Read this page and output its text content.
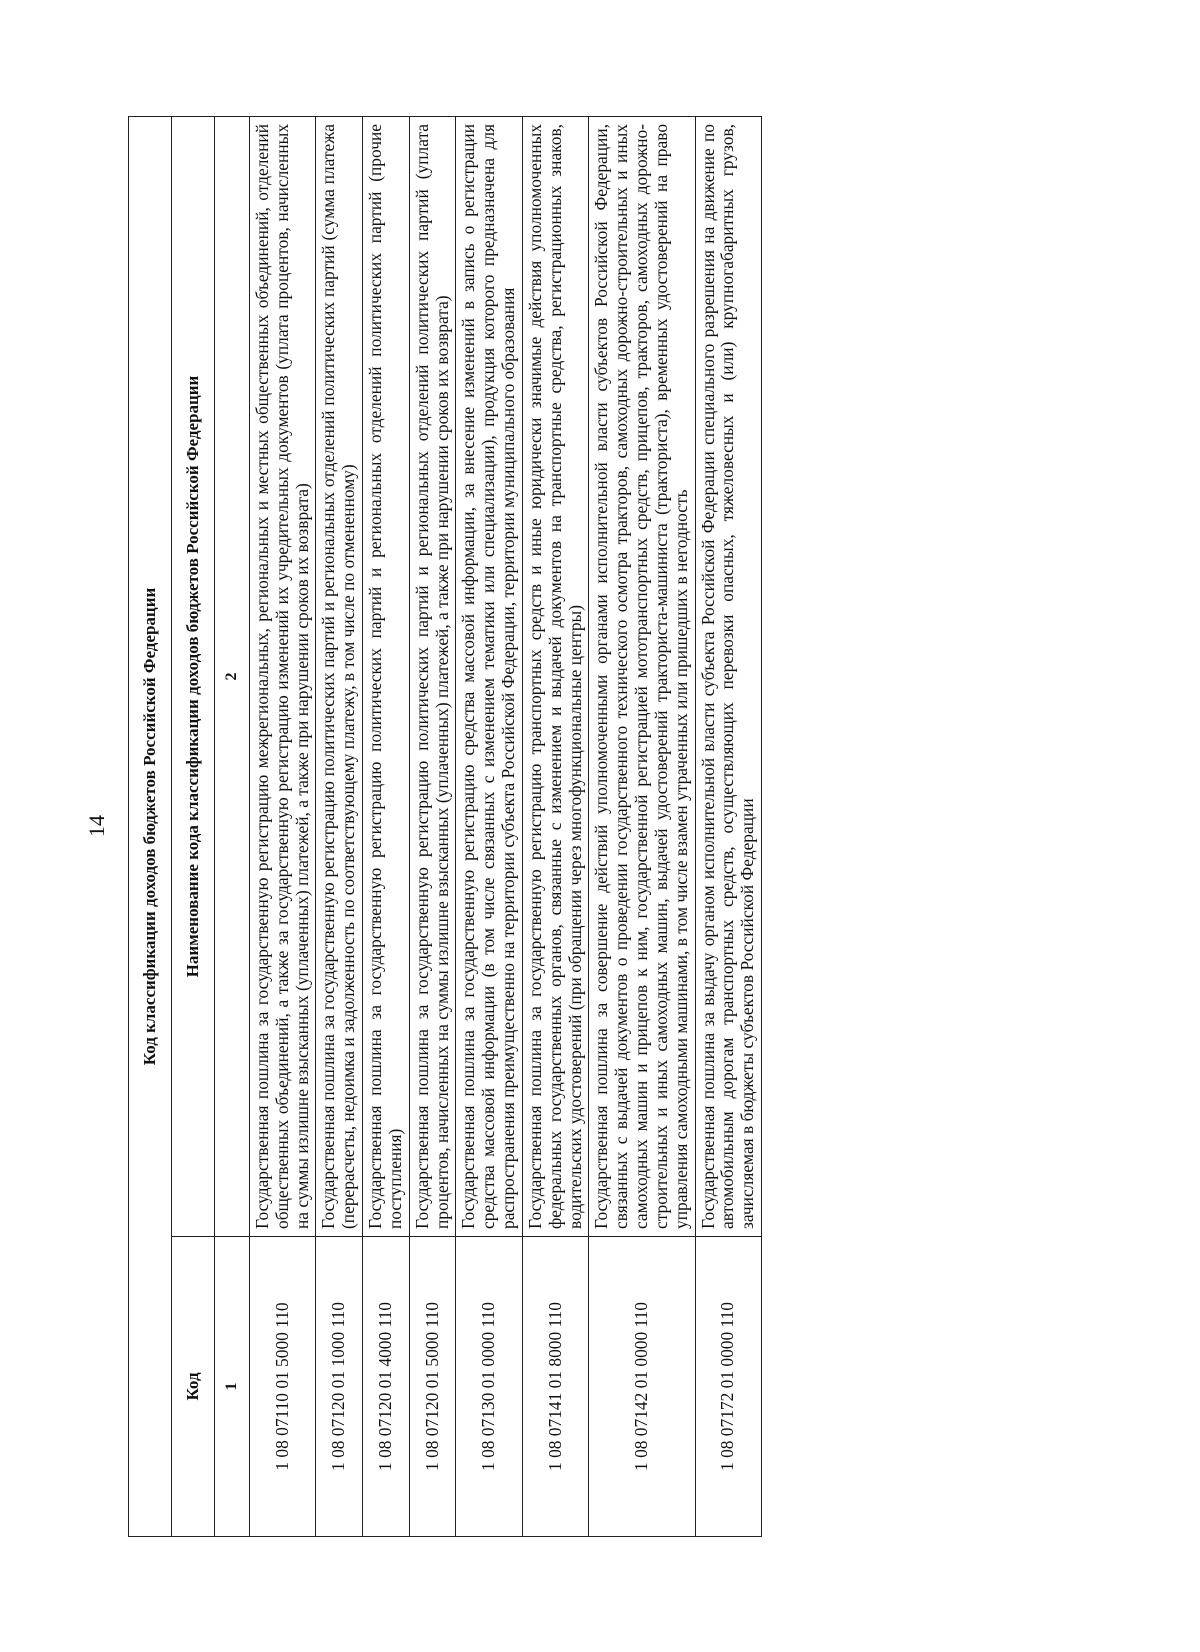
14 Код классификации доходов бюджетов Российской Федерации	
Код	Наименование кода классификации доходов бюджетов Российской Федерации
1	2
1 08 07110 01 5000 110	Государственная пошлина за государственную регистрацию межрегиональных, региональных и местных общественных объединений, отделений общественных объединений, а также за государственную регистрацию изменений их учредительных документов (уплата процентов, начисленных на суммы излишне взысканных (уплаченных) платежей, а также при нарушении сроков их возврата)
1 08 07120 01 1000 110	Государственная пошлина за государственную регистрацию политических партий и региональных отделений политических партий (сумма платежа (перерасчеты, недоимка и задолженность по соответствующему платежу, в том числе по отмененному)
1 08 07120 01 4000 110	Государственная пошлина за государственную регистрацию политических партий и региональных отделений политических партий (прочие поступления)
1 08 07120 01 5000 110	Государственная пошлина за государственную регистрацию политических партий и региональных отделений политических партий (уплата процентов, начисленных на суммы излишне взысканных (уплаченных) платежей, а также при нарушении сроков их возврата)
1 08 07130 01 0000 110	Государственная пошлина за государственную регистрацию средства массовой информации, за внесение изменений в запись о регистрации средства массовой информации (в том числе связанных с изменением тематики или специализации), продукция которого предназначена для распространения преимущественно на территории субъекта Российской Федерации, территории муниципального образования
1 08 07141 01 8000 110	Государственная пошлина за государственную регистрацию транспортных средств и иные юридически значимые действия уполномоченных федеральных государственных органов, связанные с изменением и выдачей документов на транспортные средства, регистрационных знаков, водительских удостоверений (при обращении через многофункциональные центры)
1 08 07142 01 0000 110	Государственная пошлина за совершение действий уполномоченными органами исполнительной власти субъектов Российской Федерации, связанных с выдачей документов о проведении государственного технического осмотра тракторов, самоходных дорожно-строительных и иных самоходных машин и прицепов к ним, государственной регистрацией мототранспортных средств, прицепов, тракторов, самоходных дорожно-строительных и иных самоходных машин, выдачей удостоверений тракториста-машиниста (тракториста), временных удостоверений на право управления самоходными машинами, в том числе взамен утраченных или пришедших в негодность
1 08 07172 01 0000 110	Государственная пошлина за выдачу органом исполнительной власти субъекта Российской Федерации специального разрешения на движение по автомобильным дорогам транспортных средств, осуществляющих перевозки опасных, тяжеловесных и (или) крупногабаритных грузов, зачисляемая в бюджеты субъектов Российской Федерации
